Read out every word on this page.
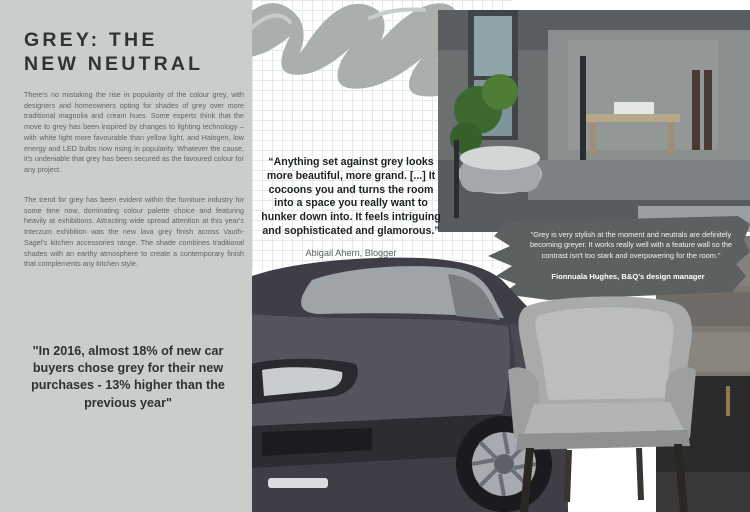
GREY: THE
NEW NEUTRAL

There's no mistaking the rise in popularity of the colour grey, with designers and homeowners opting for shades of grey over more traditional magnolia and cream hues. Some experts think that the move to grey has been inspired by changes to lighting technology – with white light more favourable than yellow light, and Halogen, low energy and LED bulbs now rising in popularity. Whatever the cause, it's undeniable that grey has been secured as the favoured colour for any project.

The trend for grey has been evident within the furniture industry for some time now, dominating colour palette choice and featuring heavily at exhibitions. Attracting wide spread attention at this year's Interzum exhibition was the new lava grey finish across Vauth-Sagel's kitchen accessories range. The shade combines traditional shades with an earthy atmosphere to create a contemporary finish that complements any kitchen style.

"In 2016, almost 18% of new car buyers chose grey for their new purchases - 13% higher than the previous year"

“Anything set against grey looks more beautiful, more grand. [...] It cocoons you and turns the room into a space you really want to hunker down into. It feels intriguing and sophisticated and glamorous.”

Abigail Ahern, Blogger

“Grey is very stylish at the moment and neutrals are definitely becoming greyer. It works really well with a feature wall so the contrast isn't too stark and overpowering for the room.”

Fionnuala Hughes, B&Q's design manager
